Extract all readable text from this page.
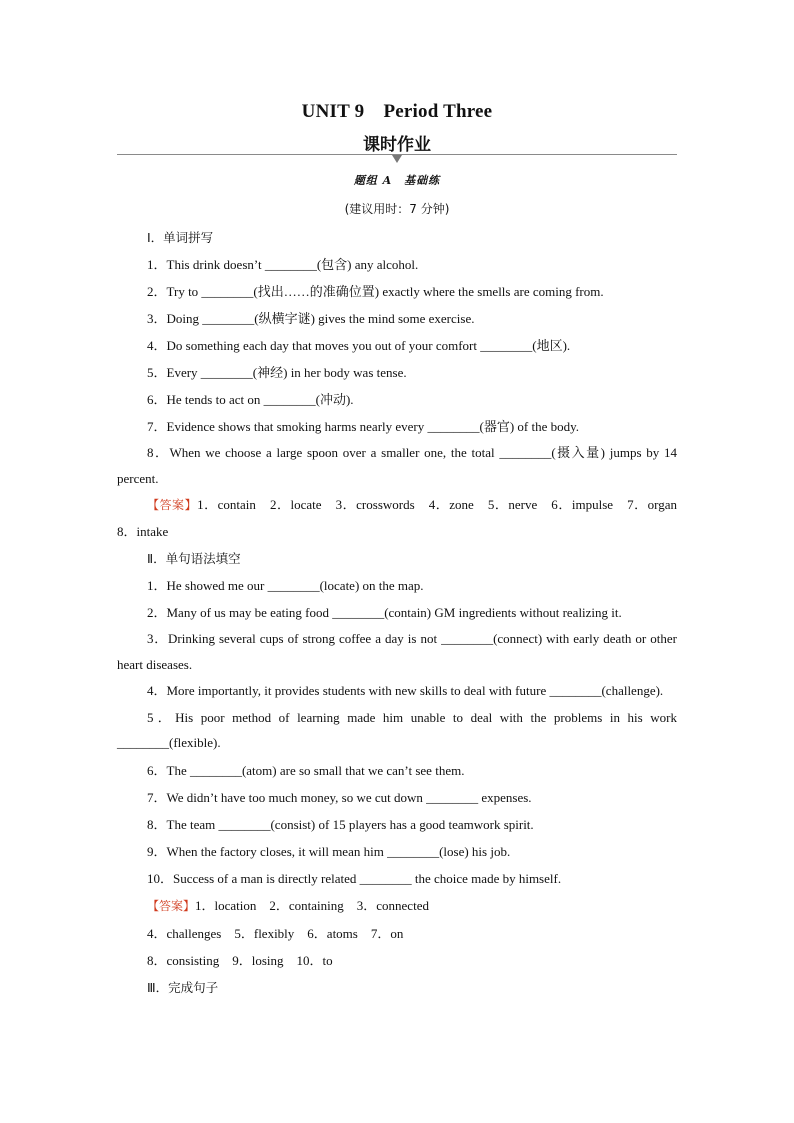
UNIT 9　Period Three
课时作业
题组 A　基础练
(建议用时：7 分钟)
Ⅰ．单词拼写
1．This drink doesn’t ________(包含) any alcohol.
2．Try to ________(找出……的准确位置) exactly where the smells are coming from.
3．Doing ________(纵横字谜) gives the mind some exercise.
4．Do something each day that moves you out of your comfort ________(地区).
5．Every ________(神经) in her body was tense.
6．He tends to act on ________(冲动).
7．Evidence shows that smoking harms nearly every ________(器官) of the body.
8．When we choose a large spoon over a smaller one, the total ________(摄入量) jumps by 14 percent.
【答案】1．contain　2．locate　3．crosswords　4．zone　5．nerve　6．impulse　7．organ　8．intake
Ⅱ．单句语法填空
1．He showed me our ________(locate) on the map.
2．Many of us may be eating food ________(contain) GM ingredients without realizing it.
3．Drinking several cups of strong coffee a day is not ________(connect) with early death or other heart diseases.
4．More importantly, it provides students with new skills to deal with future ________(challenge).
5．His poor method of learning made him unable to deal with the problems in his work ________(flexible).
6．The ________(atom) are so small that we can’t see them.
7．We didn’t have too much money, so we cut down ________ expenses.
8．The team ________(consist) of 15 players has a good teamwork spirit.
9．When the factory closes, it will mean him ________(lose) his job.
10．Success of a man is directly related ________ the choice made by himself.
【答案】1．location　2．containing　3．connected
4．challenges　5．flexibly　6．atoms　7．on
8．consisting　9．losing　10．to
Ⅲ．完成句子
